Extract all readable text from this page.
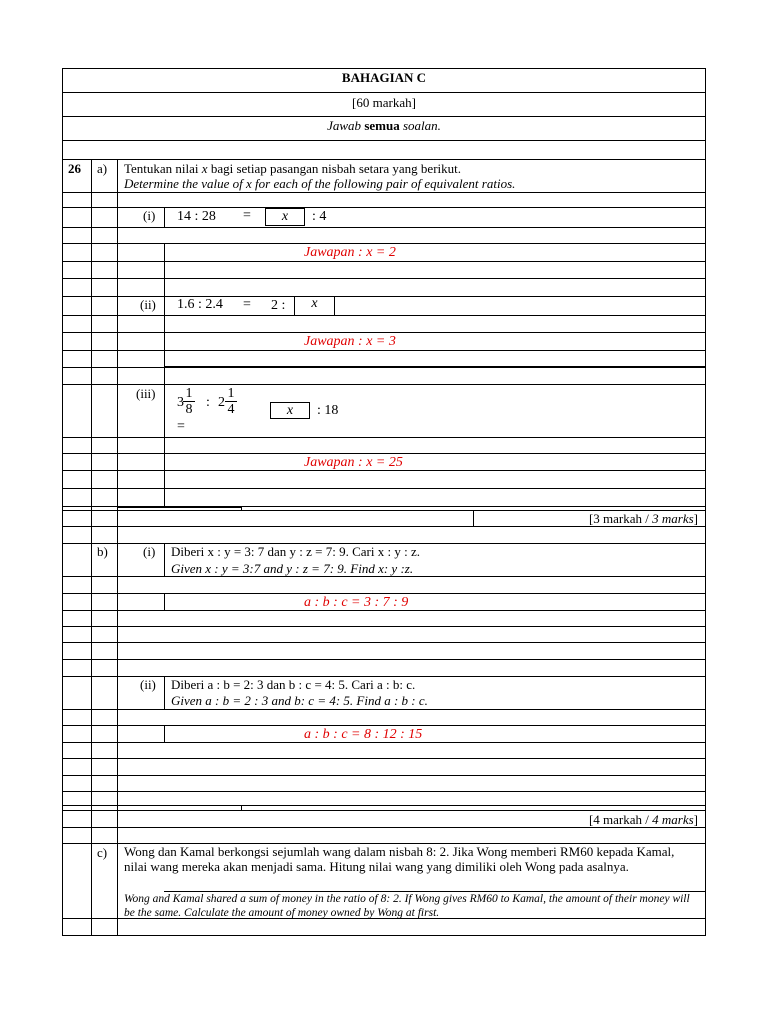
BAHAGIAN C
[60 markah]
Jawab semua soalan.
26 a) Tentukan nilai x bagi setiap pasangan nisbah setara yang berikut.
Determine the value of x for each of the following pair of equivalent ratios.
(i) 14 : 28 =	x	: 4
Jawapan : x = 2
(ii) 1.6 : 2.4 = 2 :	x
Jawapan : x = 3
(iii)
$3 \frac{1}{8}$ : $2 \frac{1}{4}$
=
x	: 18
Jawapan : x = 25
[3 markah / 3 marks]
b)	(i) Diberi x : y = 3: 7 dan y : z = 7: 9. Cari x : y : z.
Given x : y = 3:7 and y : z = 7: 9. Find x: y :z.
a : b : c = 3 : 7 : 9
(ii) Diberi a : b = 2: 3 dan b : c = 4: 5. Cari a : b: c.
Given a : b = 2 : 3 and b: c = 4: 5. Find a : b : c.
a : b : c = 8 : 12 : 15
[4 markah / 4 marks]
c) Wong dan Kamal berkongsi sejumlah wang dalam nisbah 8: 2. Jika Wong memberi RM60 kepada Kamal, nilai wang mereka akan menjadi sama. Hitung nilai wang yang dimiliki oleh Wong pada asalnya.
Wong and Kamal shared a sum of money in the ratio of 8: 2. If Wong gives RM60 to Kamal, the amount of their money will be the same. Calculate the amount of money owned by Wong at first.
